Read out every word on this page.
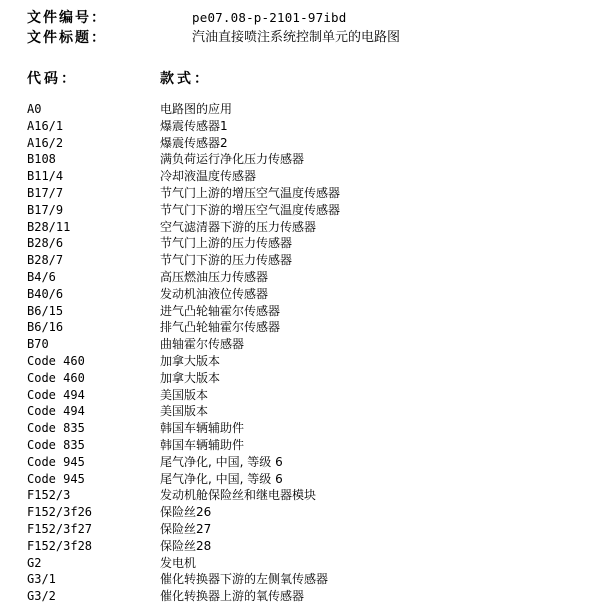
文件编号：	pe07.08-p-2101-97ibd
文件标题：	汽油直接喷注系统控制单元的电路图
代码：	款式：
A0	电路图的应用
A16/1	爆震传感器1
A16/2	爆震传感器2
B108	满负荷运行净化压力传感器
B11/4	冷却液温度传感器
B17/7	节气门上游的增压空气温度传感器
B17/9	节气门下游的增压空气温度传感器
B28/11	空气滤清器下游的压力传感器
B28/6	节气门上游的压力传感器
B28/7	节气门下游的压力传感器
B4/6	高压燃油压力传感器
B40/6	发动机油液位传感器
B6/15	进气凸轮轴霍尔传感器
B6/16	排气凸轮轴霍尔传感器
B70	曲轴霍尔传感器
Code 460	加拿大版本
Code 460	加拿大版本
Code 494	美国版本
Code 494	美国版本
Code 835	韩国车辆辅助件
Code 835	韩国车辆辅助件
Code 945	尾气净化, 中国, 等级 6
Code 945	尾气净化, 中国, 等级 6
F152/3	发动机舱保险丝和继电器模块
F152/3f26	保险丝26
F152/3f27	保险丝27
F152/3f28	保险丝28
G2	发电机
G3/1	催化转换器下游的左侧氧传感器
G3/2	催化转换器上游的氧传感器
